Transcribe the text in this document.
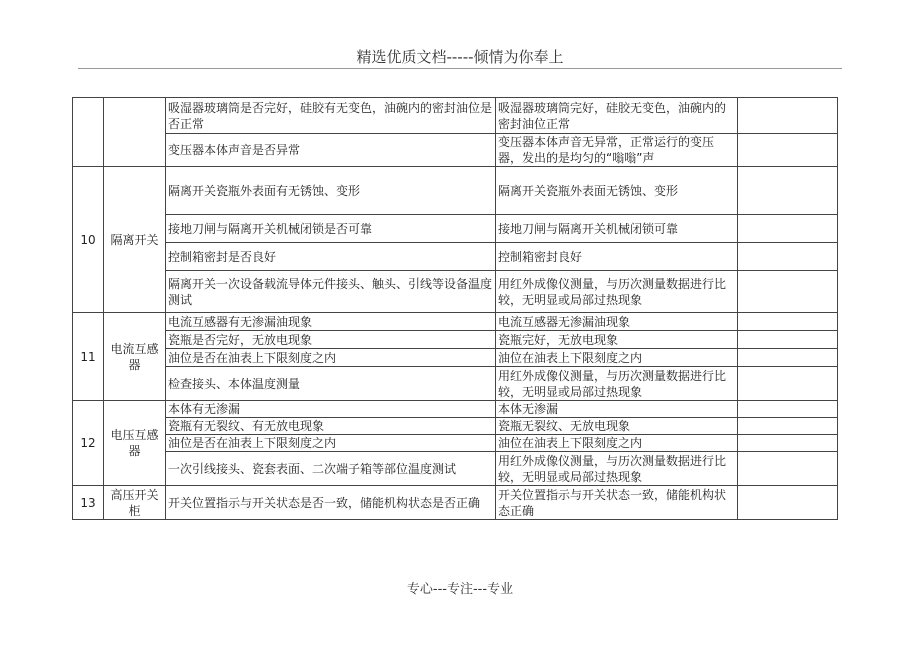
精选优质文档-----倾情为你奉上
		吸湿器玻璃筒是否完好，硅胶有无变色，油碗内的密封油位是否正常	吸湿器玻璃筒完好，硅胶无变色，油碗内的密封油位正常	
		变压器本体声音是否异常	变压器本体声音无异常，正常运行的变压器，发出的是均匀的“嗡嗡”声	
10	隔离开关	隔离开关瓷瓶外表面有无锈蚀、变形	隔离开关瓷瓶外表面无锈蚀、变形	
		接地刀闸与隔离开关机械闭锁是否可靠	接地刀闸与隔离开关机械闭锁可靠	
		控制箱密封是否良好	控制箱密封良好	
		隔离开关一次设备载流导体元件接头、触头、引线等设备温度测试	用红外成像仪测量，与历次测量数据进行比较，无明显或局部过热现象	
11	电流互感器	电流互感器有无渗漏油现象	电流互感器无渗漏油现象	
		瓷瓶是否完好，无放电现象	瓷瓶完好，无放电现象	
		油位是否在油表上下限刻度之内	油位在油表上下限刻度之内	
		检查接头、本体温度测量	用红外成像仪测量，与历次测量数据进行比较，无明显或局部过热现象	
12	电压互感器	本体有无渗漏	本体无渗漏	
		瓷瓶有无裂纹、有无放电现象	瓷瓶无裂纹、无放电现象	
		油位是否在油表上下限刻度之内	油位在油表上下限刻度之内	
		一次引线接头、瓷套表面、二次端子箱等部位温度测试	用红外成像仪测量，与历次测量数据进行比较，无明显或局部过热现象	
13	高压开关柜	开关位置指示与开关状态是否一致，储能机构状态是否正确	开关位置指示与开关状态一致，储能机构状态正确	
专心---专注---专业
